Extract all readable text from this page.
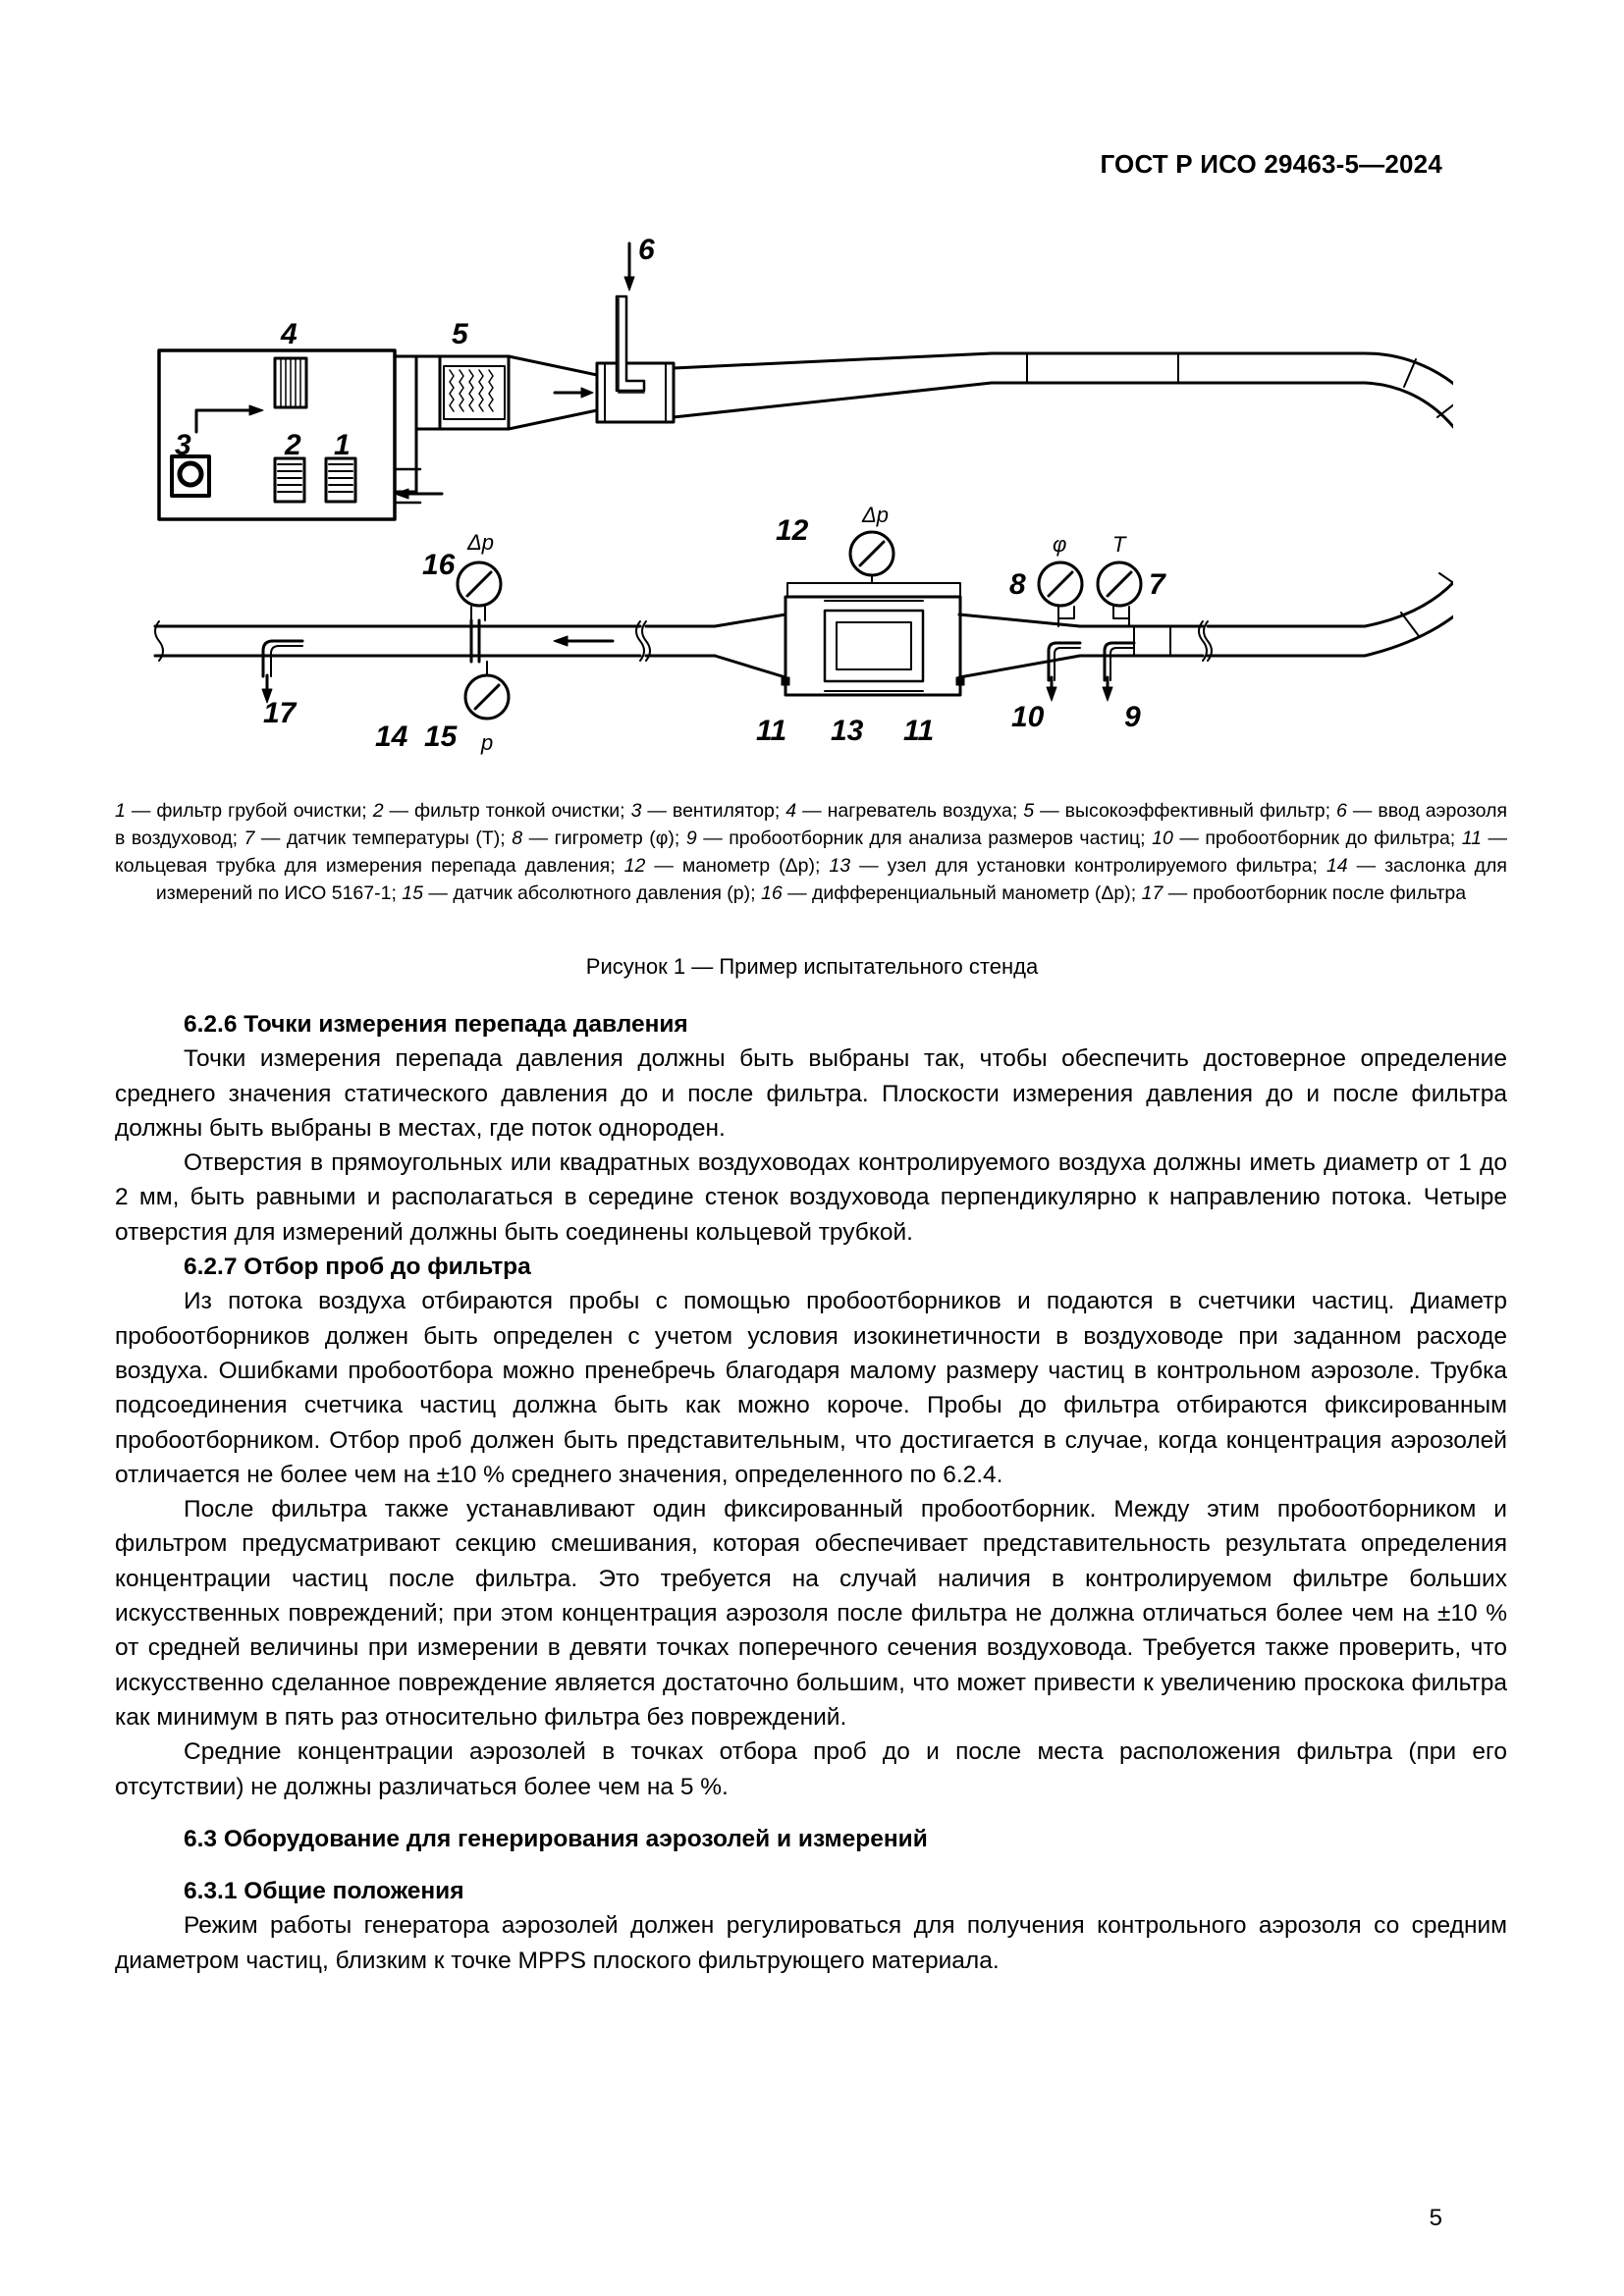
ГОСТ Р ИСО 29463-5—2024
1
2
3
4	5
6
7
8
9
10
11 13 11
12
14 15
16
17
Δp
Δp
p
φ T
1 — фильтр грубой очистки; 2 — фильтр тонкой очистки; 3 — вентилятор; 4 — нагреватель воздуха; 5 — высокоэффективный фильтр; 6 — ввод аэрозоля в воздуховод; 7 — датчик температуры (T); 8 — гигрометр (φ); 9 — пробоотборник для анализа размеров частиц; 10 — пробоотборник до фильтра; 11 — кольцевая трубка для измерения перепада давления; 12 — манометр (Δp); 13 — узел для установки контролируемого фильтра; 14 — заслонка для измерений по ИСО 5167-1; 15 — датчик абсолютного давления (p); 16 — дифференциальный манометр (Δp); 17 — пробоотборник после фильтра
Рисунок 1 — Пример испытательного стенда
6.2.6 Точки измерения перепада давления

Точки измерения перепада давления должны быть выбраны так, чтобы обеспечить достоверное определение среднего значения статического давления до и после фильтра. Плоскости измерения давления до и после фильтра должны быть выбраны в местах, где поток однороден.

Отверстия в прямоугольных или квадратных воздуховодах контролируемого воздуха должны иметь диаметр от 1 до 2 мм, быть равными и располагаться в середине стенок воздуховода перпендикулярно к направлению потока. Четыре отверстия для измерений должны быть соединены кольцевой трубкой.

6.2.7 Отбор проб до фильтра

Из потока воздуха отбираются пробы с помощью пробоотборников и подаются в счетчики частиц. Диаметр пробоотборников должен быть определен с учетом условия изокинетичности в воздуховоде при заданном расходе воздуха. Ошибками пробоотбора можно пренебречь благодаря малому размеру частиц в контрольном аэрозоле. Трубка подсоединения счетчика частиц должна быть как можно короче. Пробы до фильтра отбираются фиксированным пробоотборником. Отбор проб должен быть представительным, что достигается в случае, когда концентрация аэрозолей отличается не более чем на ±10 % среднего значения, определенного по 6.2.4.

После фильтра также устанавливают один фиксированный пробоотборник. Между этим пробоотборником и фильтром предусматривают секцию смешивания, которая обеспечивает представительность результата определения концентрации частиц после фильтра. Это требуется на случай наличия в контролируемом фильтре больших искусственных повреждений; при этом концентрация аэрозоля после фильтра не должна отличаться более чем на ±10 % от средней величины при измерении в девяти точках поперечного сечения воздуховода. Требуется также проверить, что искусственно сделанное повреждение является достаточно большим, что может привести к увеличению проскока фильтра как минимум в пять раз относительно фильтра без повреждений.

Средние концентрации аэрозолей в точках отбора проб до и после места расположения фильтра (при его отсутствии) не должны различаться более чем на 5 %.

6.3 Оборудование для генерирования аэрозолей и измерений
6.3.1 Общие положения

Режим работы генератора аэрозолей должен регулироваться для получения контрольного аэрозоля со средним диаметром частиц, близким к точке MPPS плоского фильтрующего материала.

5
